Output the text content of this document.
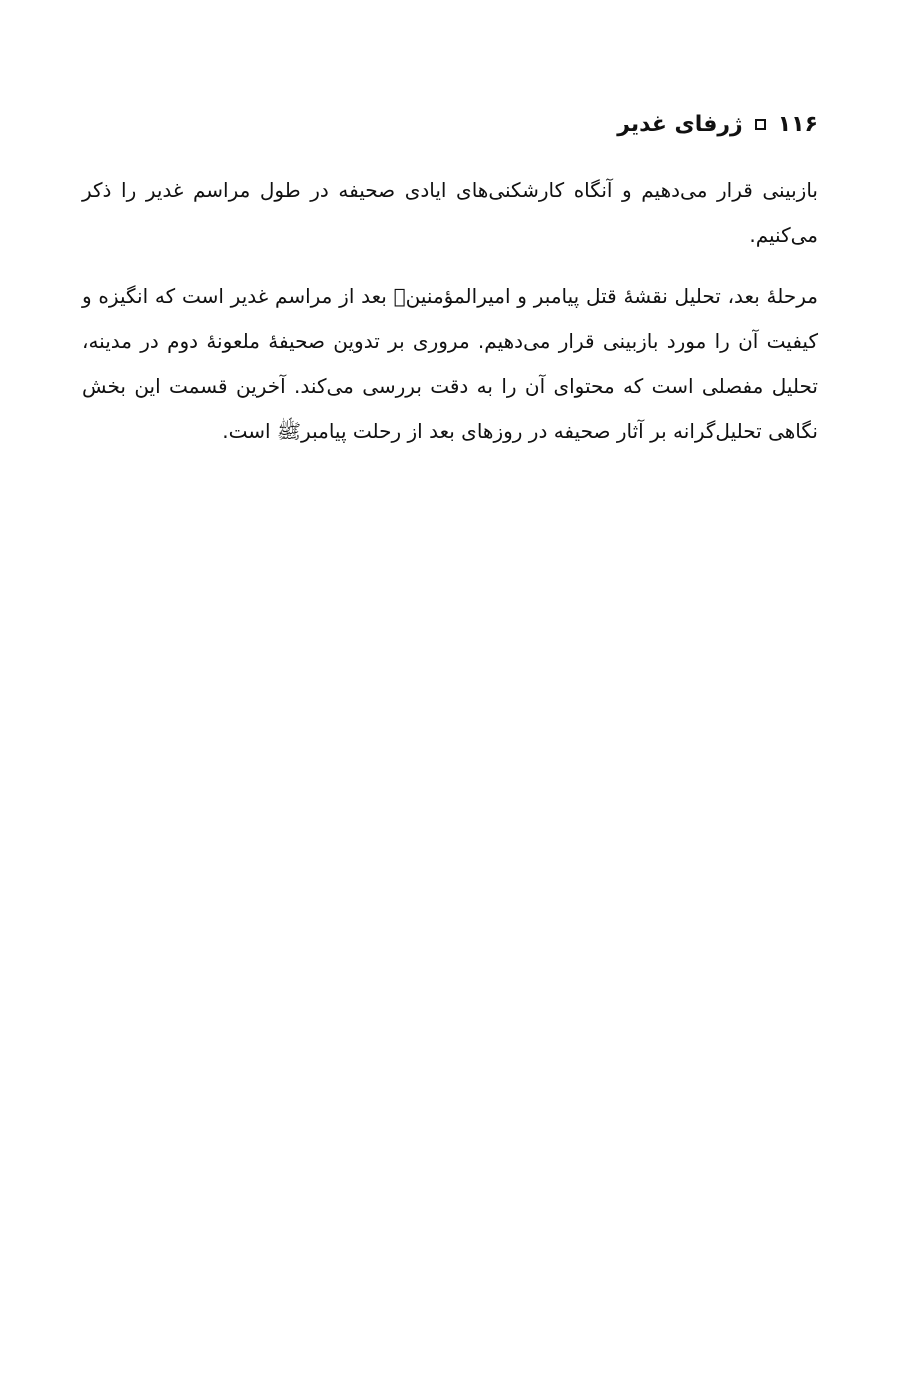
۱۱۶
ژرفای غدیر

بازبینی قرار می‌دهیم و آنگاه کارشکنی‌های ایادی صحیفه در طول مراسم غدیر را ذکر می‌کنیم.

مرحلهٔ بعد، تحلیل نقشهٔ قتل پیامبر و امیرالمؤمنین﷩ بعد از مراسم غدیر است که انگیزه و کیفیت آن را مورد بازبینی قرار می‌دهیم. مروری بر تدوین صحیفهٔ ملعونهٔ دوم در مدینه، تحلیل مفصلی است که محتوای آن را به دقت بررسی می‌کند. آخرین قسمت این بخش نگاهی تحلیل‌گرانه بر آثار صحیفه در روزهای بعد از رحلت پیامبرﷺ است.
